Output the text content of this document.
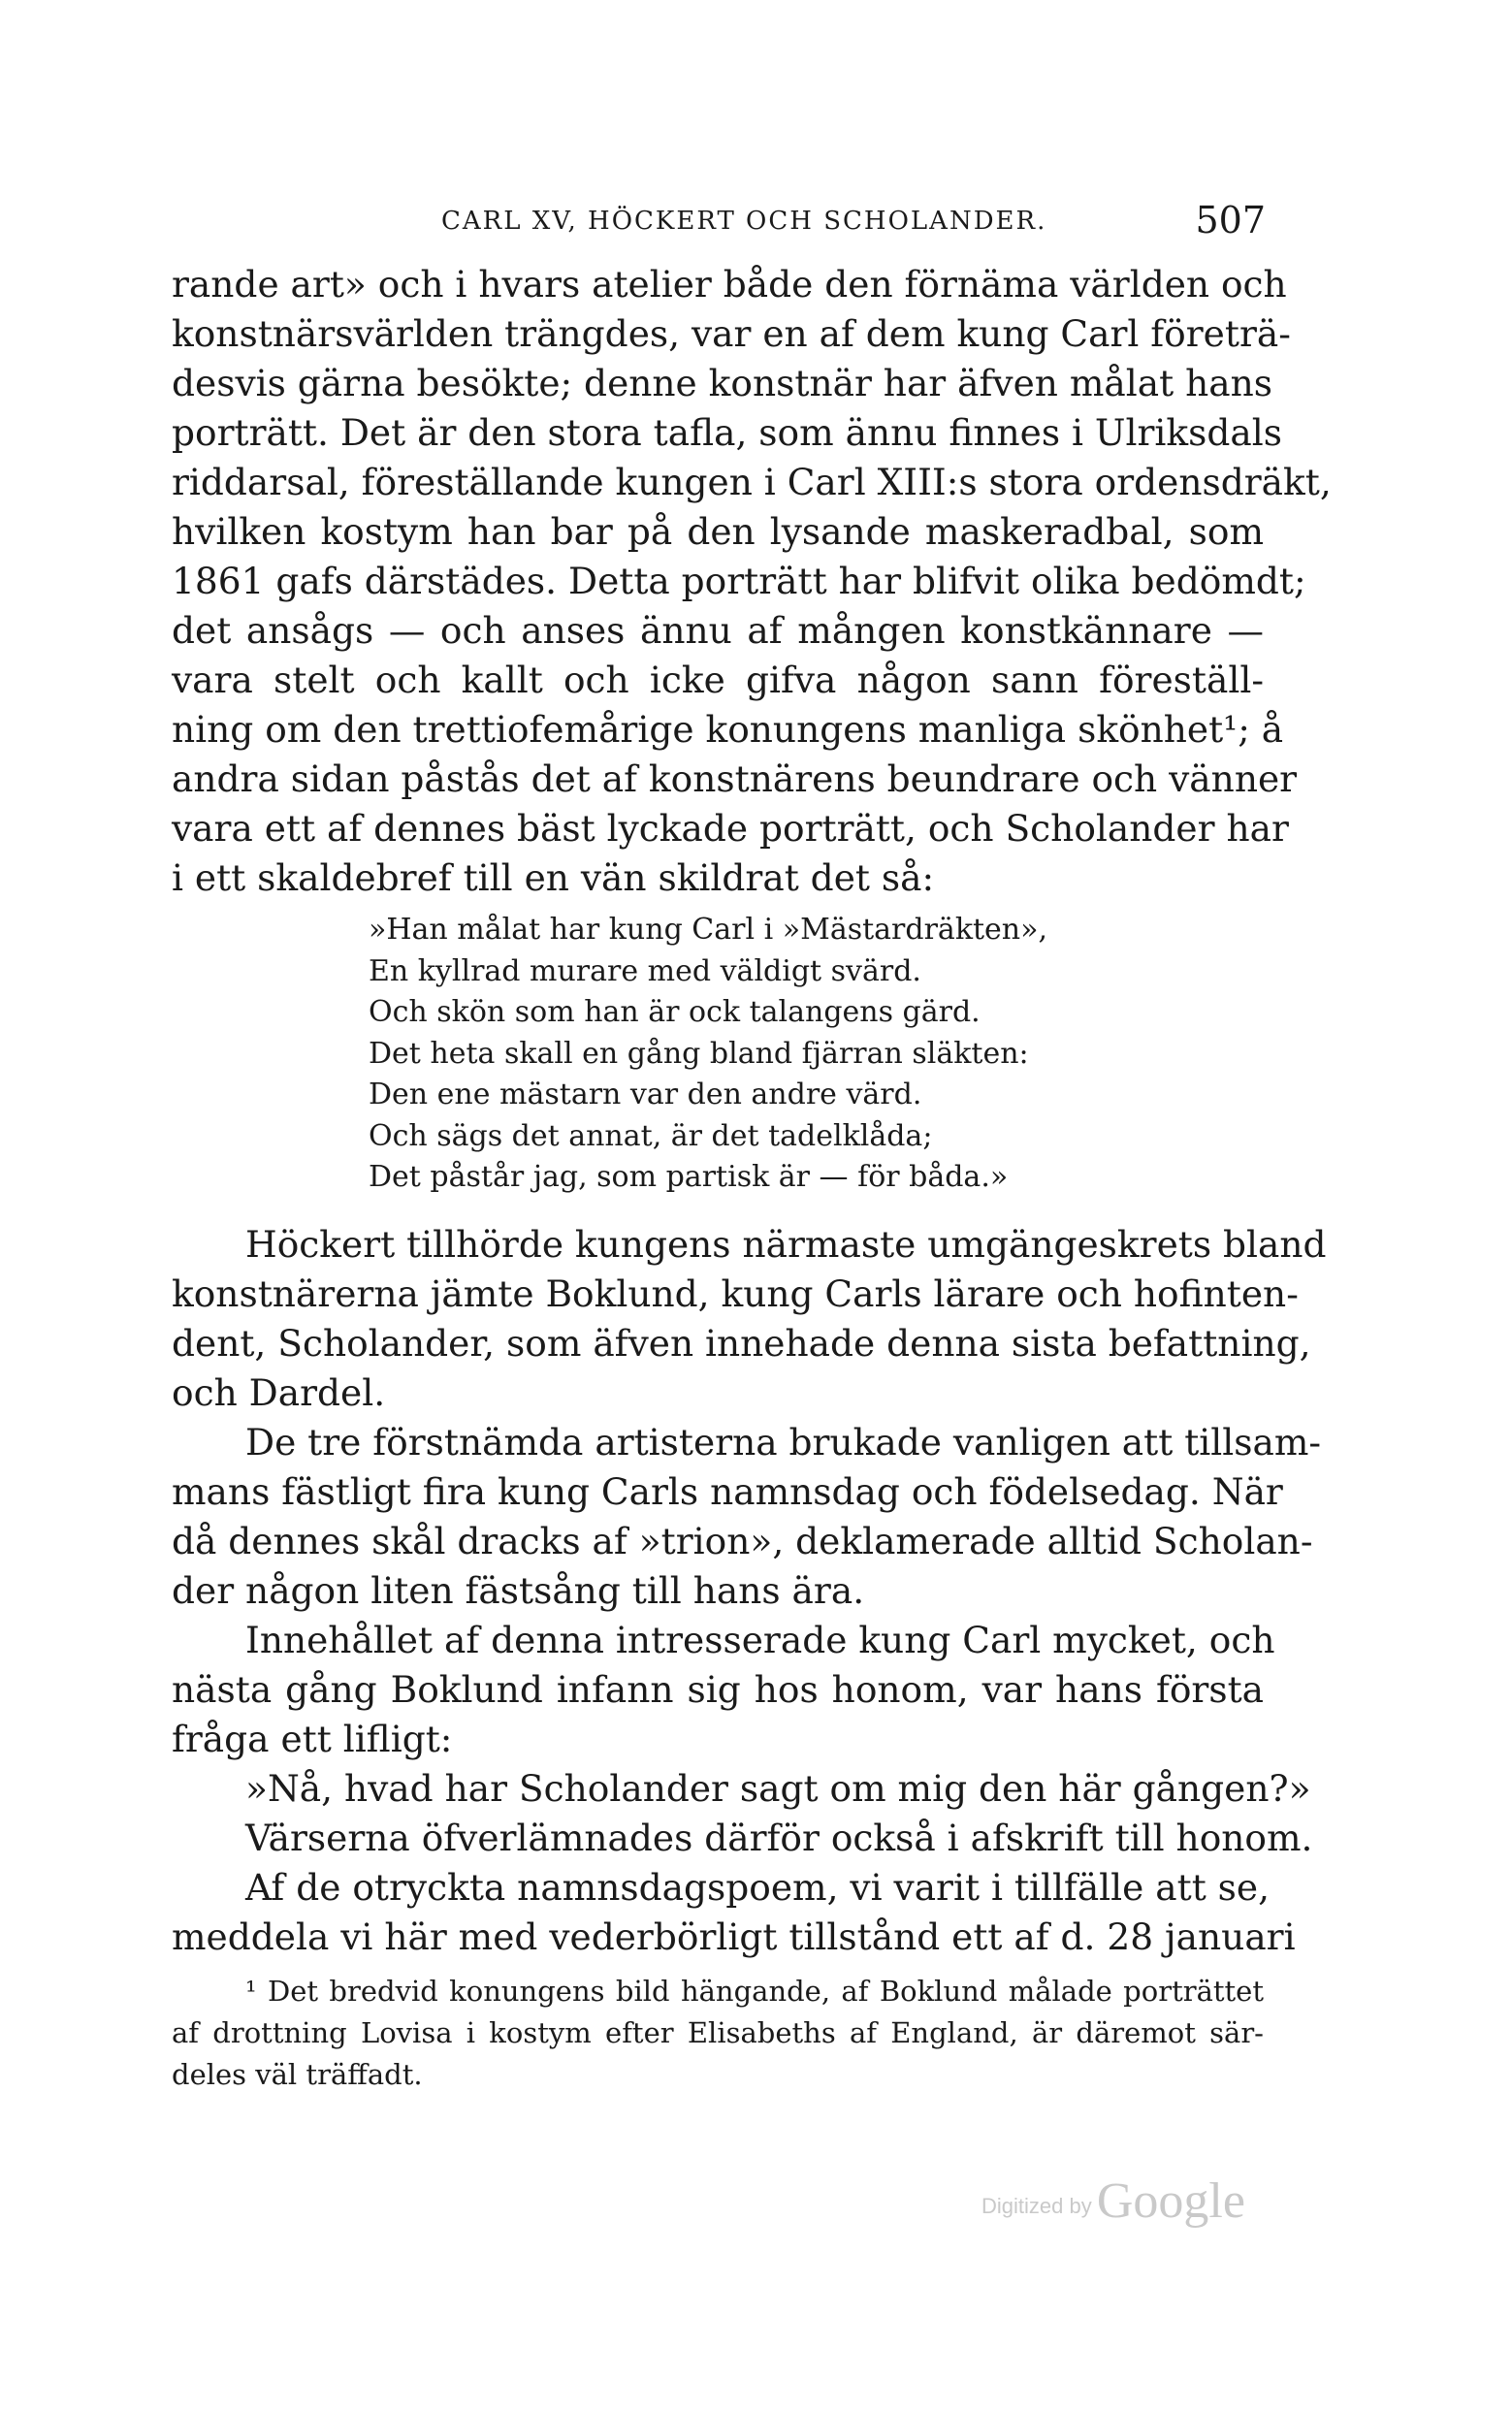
CARL XV, HÖCKERT OCH SCHOLANDER.	507
rande art» och i hvars atelier både den förnäma världen och
konstnärsvärlden trängdes, var en af dem kung Carl företrä-
desvis gärna besökte; denne konstnär har äfven målat hans
porträtt. Det är den stora tafla, som ännu finnes i Ulriksdals
riddarsal, föreställande kungen i Carl XIII:s stora ordensdräkt,
hvilken kostym han bar på den lysande maskeradbal, som
1861 gafs därstädes. Detta porträtt har blifvit olika bedömdt;
det ansågs — och anses ännu af mången konstkännare —
vara stelt och kallt och icke gifva någon sann föreställ-
ning om den trettiofemårige konungens manliga skönhet¹; å
andra sidan påstås det af konstnärens beundrare och vänner
vara ett af dennes bäst lyckade porträtt, och Scholander har
i ett skaldebref till en vän skildrat det så:
»Han målat har kung Carl i »Mästardräkten»,
En kyllrad murare med väldigt svärd.
Och skön som han är ock talangens gärd.
Det heta skall en gång bland fjärran släkten:
Den ene mästarn var den andre värd.
Och sägs det annat, är det tadelklåda;
Det påstår jag, som partisk är — för båda.»
Höckert tillhörde kungens närmaste umgängeskrets bland
konstnärerna jämte Boklund, kung Carls lärare och hofinten-
dent, Scholander, som äfven innehade denna sista befattning,
och Dardel.
De tre förstnämda artisterna brukade vanligen att tillsam-
mans fästligt fira kung Carls namnsdag och födelsedag. När
då dennes skål dracks af »trion», deklamerade alltid Scholan-
der någon liten fästsång till hans ära.
Innehållet af denna intresserade kung Carl mycket, och
nästa gång Boklund infann sig hos honom, var hans första
fråga ett lifligt:
»Nå, hvad har Scholander sagt om mig den här gången?»
Värserna öfverlämnades därför också i afskrift till honom.
Af de otryckta namnsdagspoem, vi varit i tillfälle att se,
meddela vi här med vederbörligt tillstånd ett af d. 28 januari
¹ Det bredvid konungens bild hängande, af Boklund målade porträttet
af drottning Lovisa i kostym efter Elisabeths af England, är däremot sär-
deles väl träffadt.
Digitized by Google
